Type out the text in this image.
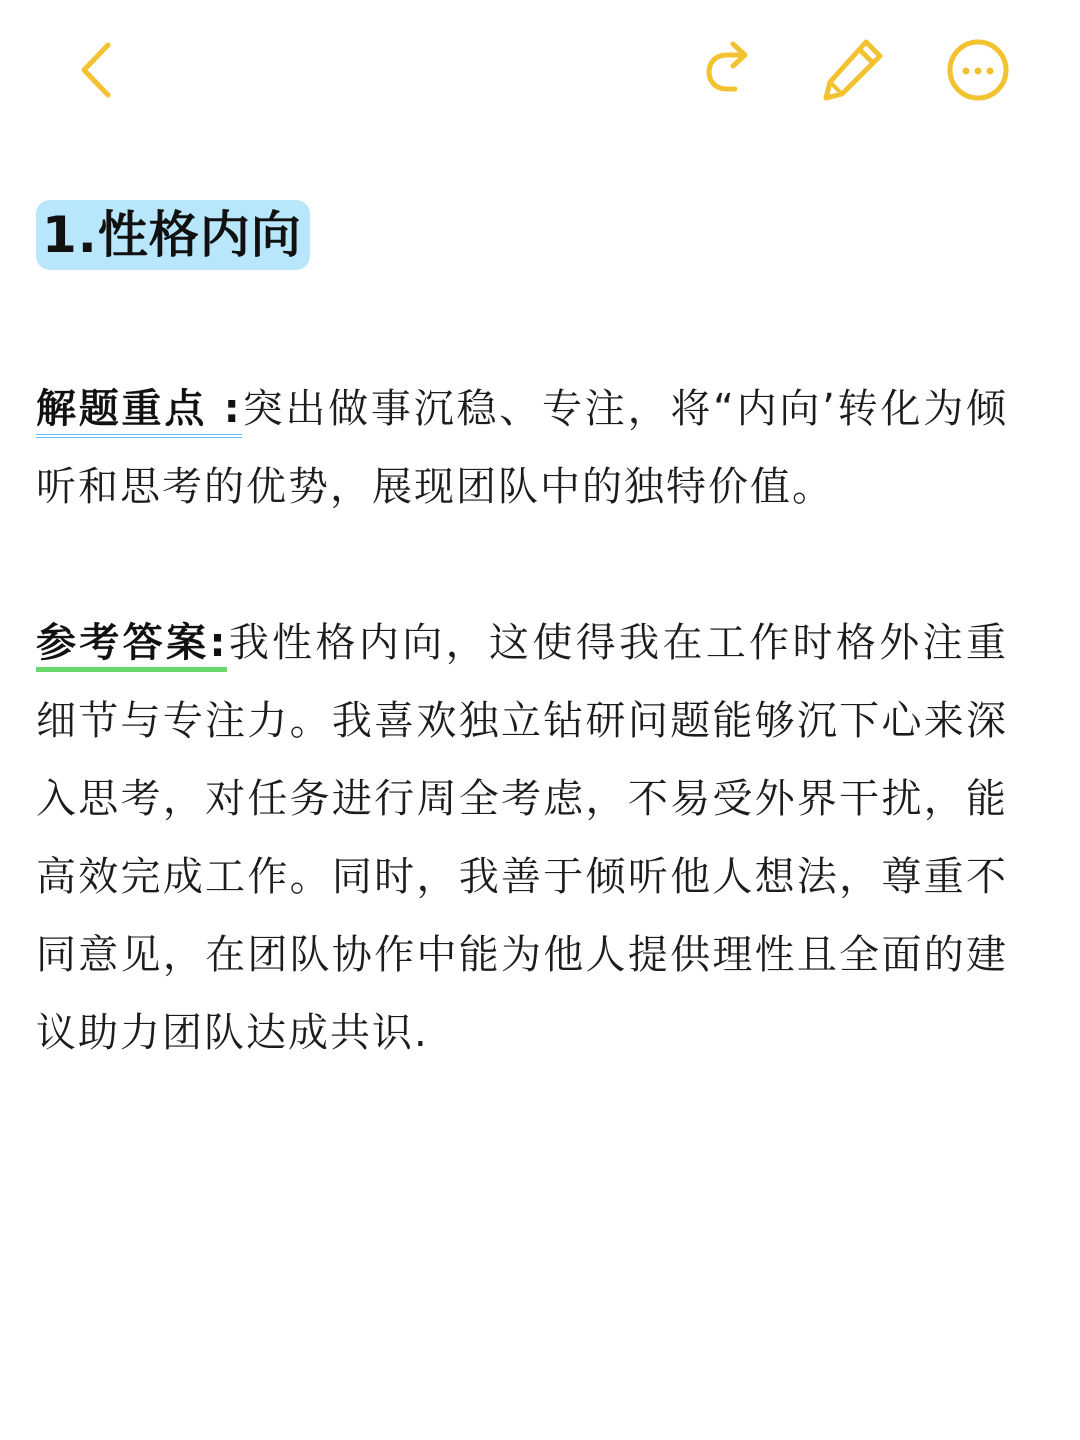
1.性格内向

解题重点 :突出做事沉稳、专注，将“内向’转化为倾听和思考的优势，展现团队中的独特价值。

参考答案:我性格内向，这使得我在工作时格外注重细节与专注力。我喜欢独立钻研问题能够沉下心来深入思考，对任务进行周全考虑，不易受外界干扰，能高效完成工作。同时，我善于倾听他人想法，尊重不同意见，在团队协作中能为他人提供理性且全面的建议助力团队达成共识.
